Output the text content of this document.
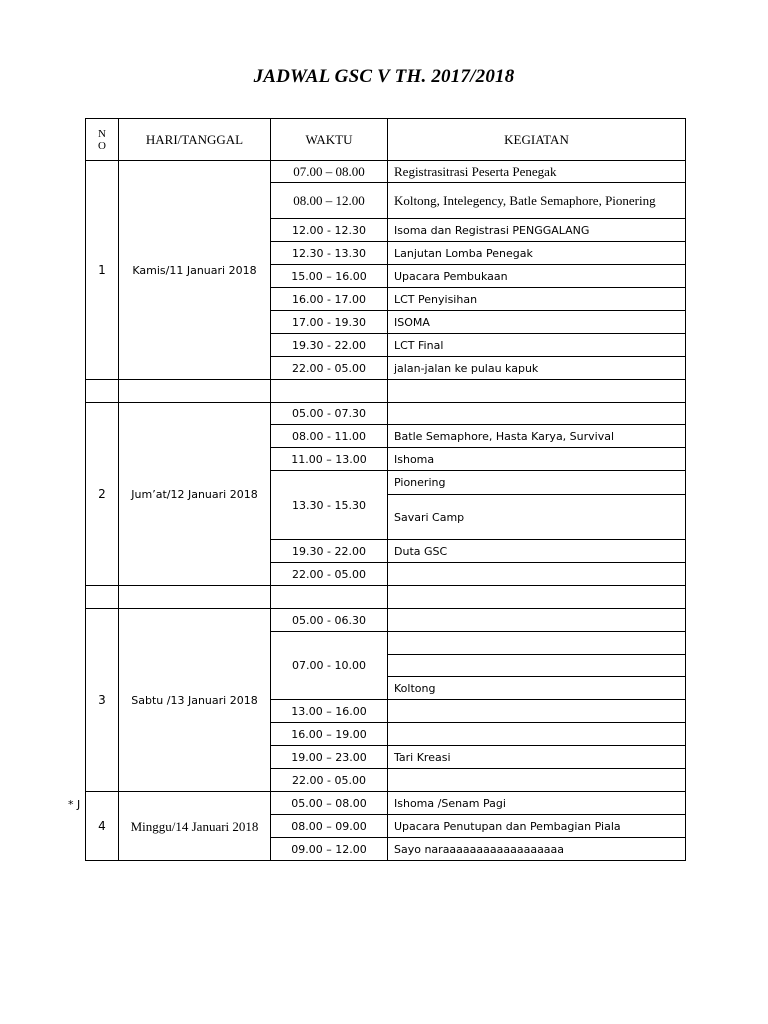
JADWAL GSC V TH. 2017/2018
N
O	HARI/TANGGAL	WAKTU	KEGIATAN
1	Kamis/11 Januari 2018	07.00 – 08.00	Registrasitrasi Peserta Penegak
		08.00 – 12.00	Koltong, Intelegency, Batle Semaphore, Pionering
		12.00 - 12.30	Isoma dan Registrasi PENGGALANG
		12.30 - 13.30	Lanjutan Lomba Penegak
		15.00 – 16.00	Upacara Pembukaan
		16.00 - 17.00	LCT Penyisihan
		17.00 - 19.30	ISOMA
		19.30 - 22.00	LCT Final
		22.00 - 05.00	jalan-jalan ke pulau kapuk

2	Jum’at/12 Januari 2018	05.00 - 07.30	
		08.00 - 11.00	Batle Semaphore, Hasta Karya, Survival
		11.00 – 13.00	Ishoma
		13.30 - 15.30	Pionering
			Savari Camp
		19.30 - 22.00	Duta GSC
		22.00 - 05.00	

3	Sabtu /13 Januari 2018	05.00 - 06.30	
		07.00 - 10.00	

			Koltong
		13.00 – 16.00	
		16.00 – 19.00	
		19.00 – 23.00	Tari Kreasi
		22.00 - 05.00	
4	Minggu/14 Januari 2018	05.00 – 08.00	Ishoma /Senam Pagi
		08.00 – 09.00	Upacara Penutupan dan Pembagian Piala
		09.00 – 12.00	Sayo naraaaaaaaaaaaaaaaaaa
* J
